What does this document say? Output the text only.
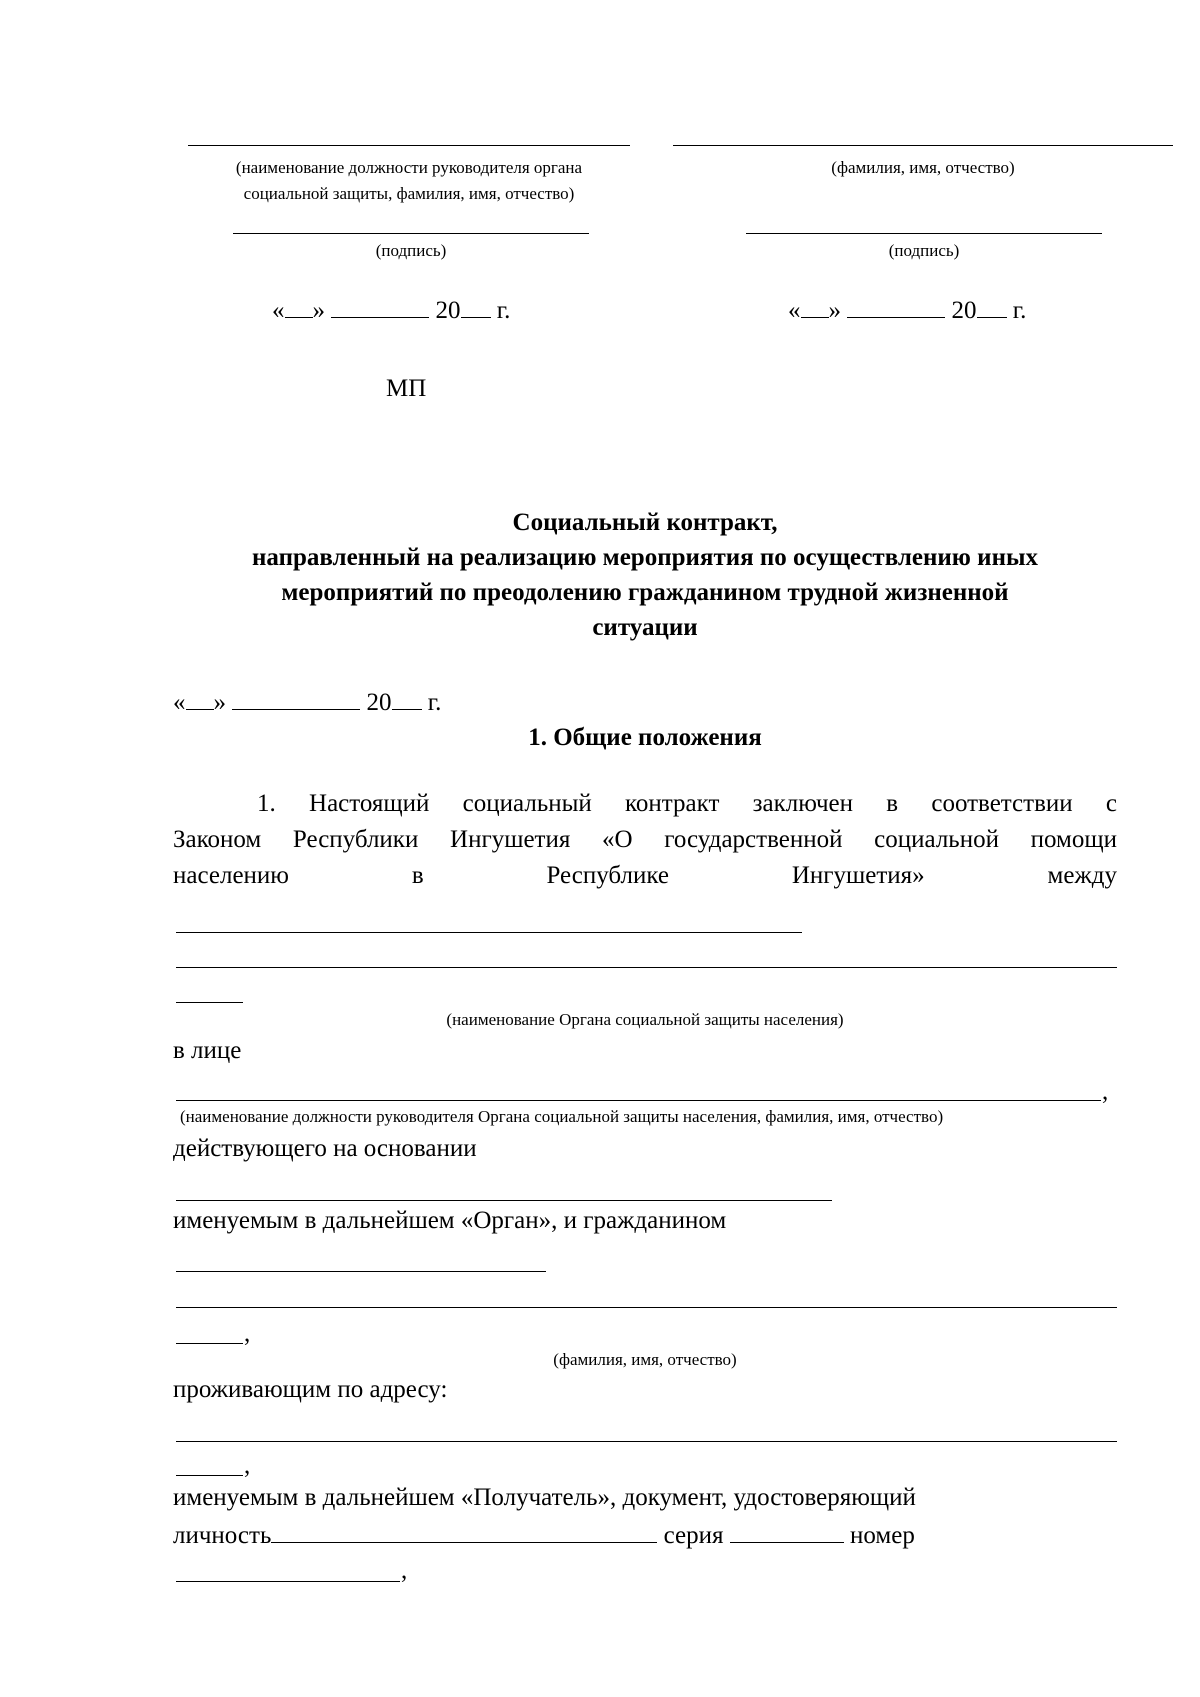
(наименование должности руководителя органа
социальной защиты, фамилия, имя, отчество)
(фамилия, имя, отчество)
(подпись)	(подпись)
« »	20 г.	« »	20 г.
МП
Социальный контракт,
направленный на реализацию мероприятия по осуществлению иных
мероприятий по преодолению гражданином трудной жизненной
ситуации
« »	20 г.
1. Общие положения
1. Настоящий социальный контракт заключен в соответствии с
Законом Республики Ингушетия «О государственной социальной помощи
населению	в	Республике	Ингушетия»	между
(наименование Органа социальной защиты населения)
в лице
,
(наименование должности руководителя Органа социальной защиты населения, фамилия, имя, отчество)
действующего на основании
именуемым в дальнейшем «Орган», и гражданином
,
(фамилия, имя, отчество)
проживающим по адресу:
,
именуемым в дальнейшем «Получатель», документ, удостоверяющий
личность	серия	номер
,
